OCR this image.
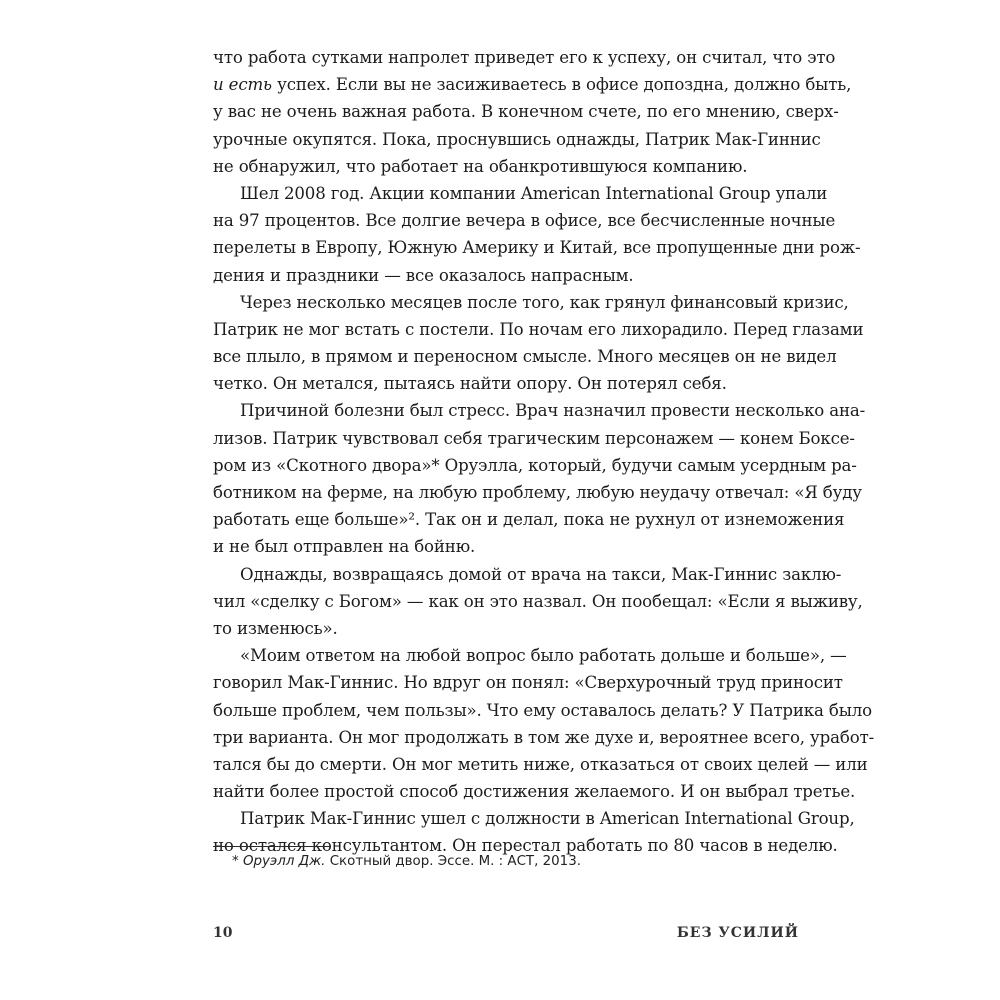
что работа сутками напролет приведет его к успеху, он считал, что это
и есть успех. Если вы не засиживаетесь в офисе допоздна, должно быть,
у вас не очень важная работа. В конечном счете, по его мнению, сверх-
урочные окупятся. Пока, проснувшись однажды, Патрик Мак-Гиннис
не обнаружил, что работает на обанкротившуюся компанию.
Шел 2008 год. Акции компании American International Group упали
на 97 процентов. Все долгие вечера в офисе, все бесчисленные ночные
перелеты в Европу, Южную Америку и Китай, все пропущенные дни рож-
дения и праздники — все оказалось напрасным.
Через несколько месяцев после того, как грянул финансовый кризис,
Патрик не мог встать с постели. По ночам его лихорадило. Перед глазами
все плыло, в прямом и переносном смысле. Много месяцев он не видел
четко. Он метался, пытаясь найти опору. Он потерял себя.
Причиной болезни был стресс. Врач назначил провести несколько ана-
лизов. Патрик чувствовал себя трагическим персонажем — конем Боксе-
ром из «Скотного двора»* Оруэлла, который, будучи самым усердным ра-
ботником на ферме, на любую проблему, любую неудачу отвечал: «Я буду
работать еще больше»². Так он и делал, пока не рухнул от изнеможения
и не был отправлен на бойню.
Однажды, возвращаясь домой от врача на такси, Мак-Гиннис заклю-
чил «сделку с Богом» — как он это назвал. Он пообещал: «Если я выживу,
то изменюсь».
«Моим ответом на любой вопрос было работать дольше и больше», —
говорил Мак-Гиннис. Но вдруг он понял: «Сверхурочный труд приносит
больше проблем, чем пользы». Что ему оставалось делать? У Патрика было
три варианта. Он мог продолжать в том же духе и, вероятнее всего, уработ-
тался бы до смерти. Он мог метить ниже, отказаться от своих целей — или
найти более простой способ достижения желаемого. И он выбрал третье.
Патрик Мак-Гиннис ушел с должности в American International Group,
но остался консультантом. Он перестал работать по 80 часов в неделю.
* Оруэлл Дж. Скотный двор. Эссе. М. : АСТ, 2013.
10	БЕЗ УСИЛИЙ
